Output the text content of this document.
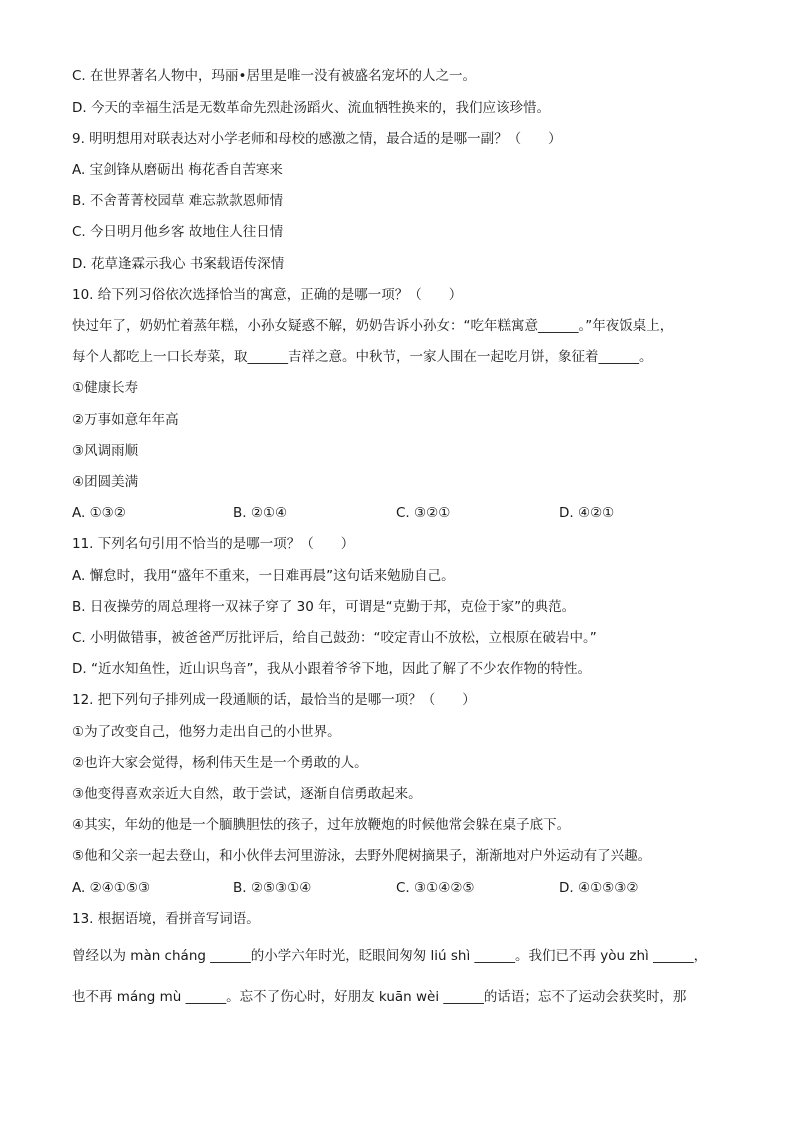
C. 在世界著名人物中，玛丽•居里是唯一没有被盛名宠坏的人之一。
D. 今天的幸福生活是无数革命先烈赴汤蹈火、流血牺牲换来的，我们应该珍惜。
9. 明明想用对联表达对小学老师和母校的感激之情，最合适的是哪一副？（　　）
A. 宝剑锋从磨砺出 梅花香自苦寒来
B. 不舍菁菁校园草 难忘款款恩师情
C. 今日明月他乡客 故地住人往日情
D. 花草逢霖示我心 书案载语传深情
10. 给下列习俗依次选择恰当的寓意，正确的是哪一项？（　　）
快过年了，奶奶忙着蒸年糕，小孙女疑惑不解，奶奶告诉小孙女：“吃年糕寓意______。”年夜饭桌上，
每个人都吃上一口长寿菜，取______吉祥之意。中秋节，一家人围在一起吃月饼，象征着______。
①健康长寿
②万事如意年年高
③风调雨顺
④团圆美满
A. ①③②	B. ②①④	C. ③②①	D. ④②①
11. 下列名句引用不恰当的是哪一项？（　　）
A. 懈怠时，我用“盛年不重来，一日难再晨”这句话来勉励自己。
B. 日夜操劳的周总理将一双袜子穿了 30 年，可谓是“克勤于邦，克俭于家”的典范。
C. 小明做错事，被爸爸严厉批评后，给自己鼓劲：“咬定青山不放松，立根原在破岩中。”
D. “近水知鱼性，近山识鸟音”，我从小跟着爷爷下地，因此了解了不少农作物的特性。
12. 把下列句子排列成一段通顺的话，最恰当的是哪一项？（　　）
①为了改变自己，他努力走出自己的小世界。
②也许大家会觉得，杨利伟天生是一个勇敢的人。
③他变得喜欢亲近大自然，敢于尝试，逐渐自信勇敢起来。
④其实，年幼的他是一个腼腆胆怯的孩子，过年放鞭炮的时候他常会躲在桌子底下。
⑤他和父亲一起去登山，和小伙伴去河里游泳，去野外爬树摘果子，渐渐地对户外运动有了兴趣。
A. ②④①⑤③	B. ②⑤③①④	C. ③①④②⑤	D. ④①⑤③②
13. 根据语境，看拼音写词语。
曾经以为 màn cháng ______的小学六年时光，眨眼间匆匆 liú shì ______。我们已不再 yòu zhì ______，
也不再 máng mù ______。忘不了伤心时，好朋友 kuān wèi ______的话语；忘不了运动会获奖时，那
